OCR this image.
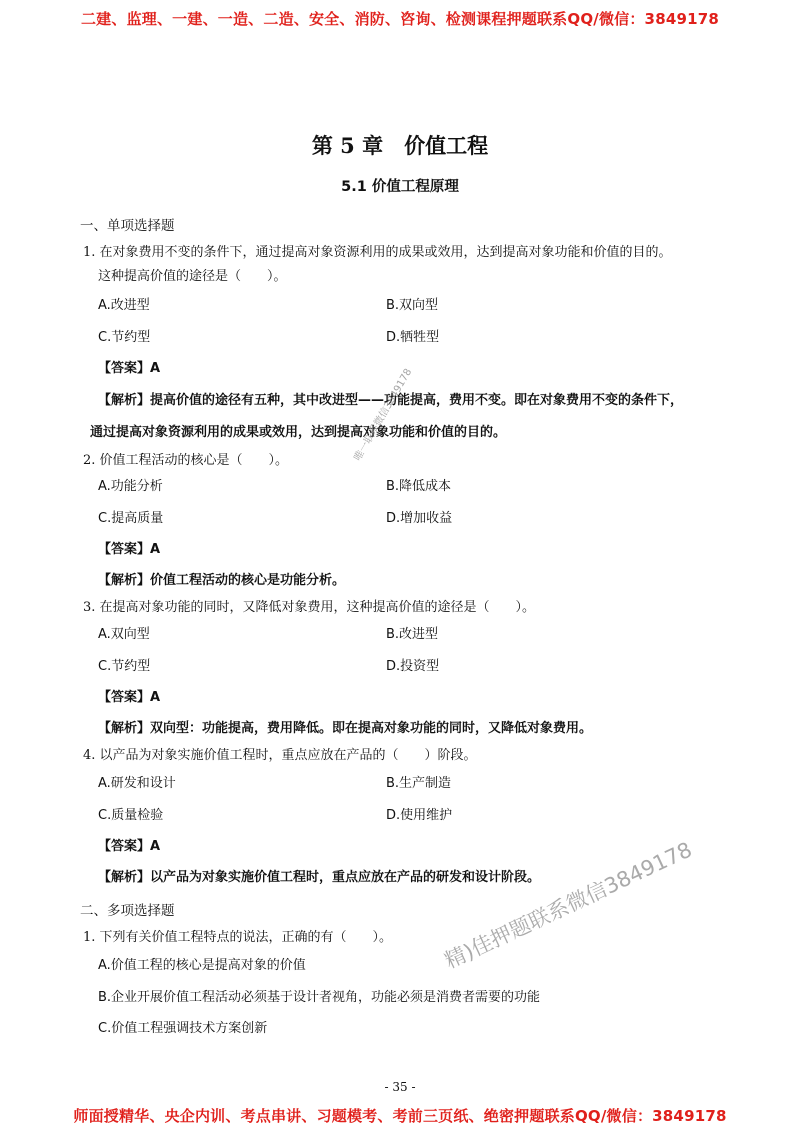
二建、监理、一建、一造、二造、安全、消防、咨询、检测课程押题联系QQ/微信：3849178
第 5 章　价值工程
5.1 价值工程原理
一、单项选择题
1. 在对象费用不变的条件下，通过提高对象资源利用的成果或效用，达到提高对象功能和价值的目的。
这种提高价值的途径是（　　）。
A.改进型	B.双向型
C.节约型	D.牺牲型
【答案】A
【解析】提高价值的途径有五种，其中改进型——功能提高，费用不变。即在对象费用不变的条件下，
通过提高对象资源利用的成果或效用，达到提高对象功能和价值的目的。
2. 价值工程活动的核心是（　　）。
A.功能分析	B.降低成本
C.提高质量	D.增加收益
【答案】A
【解析】价值工程活动的核心是功能分析。
3. 在提高对象功能的同时，又降低对象费用，这种提高价值的途径是（　　）。
A.双向型	B.改进型
C.节约型	D.投资型
【答案】A
【解析】双向型：功能提高，费用降低。即在提高对象功能的同时，又降低对象费用。
4. 以产品为对象实施价值工程时，重点应放在产品的（　　）阶段。
A.研发和设计	B.生产制造
C.质量检验	D.使用维护
【答案】A
【解析】以产品为对象实施价值工程时，重点应放在产品的研发和设计阶段。
二、多项选择题
1. 下列有关价值工程特点的说法，正确的有（　　）。
A.价值工程的核心是提高对象的价值
B.企业开展价值工程活动必须基于设计者视角，功能必须是消费者需要的功能
C.价值工程强调技术方案创新
- 35 -
师面授精华、央企内训、考点串讲、习题模考、考前三页纸、绝密押题联系QQ/微信：3849178
唯一联系微信3849178
精)佳押题联系微信3849178
